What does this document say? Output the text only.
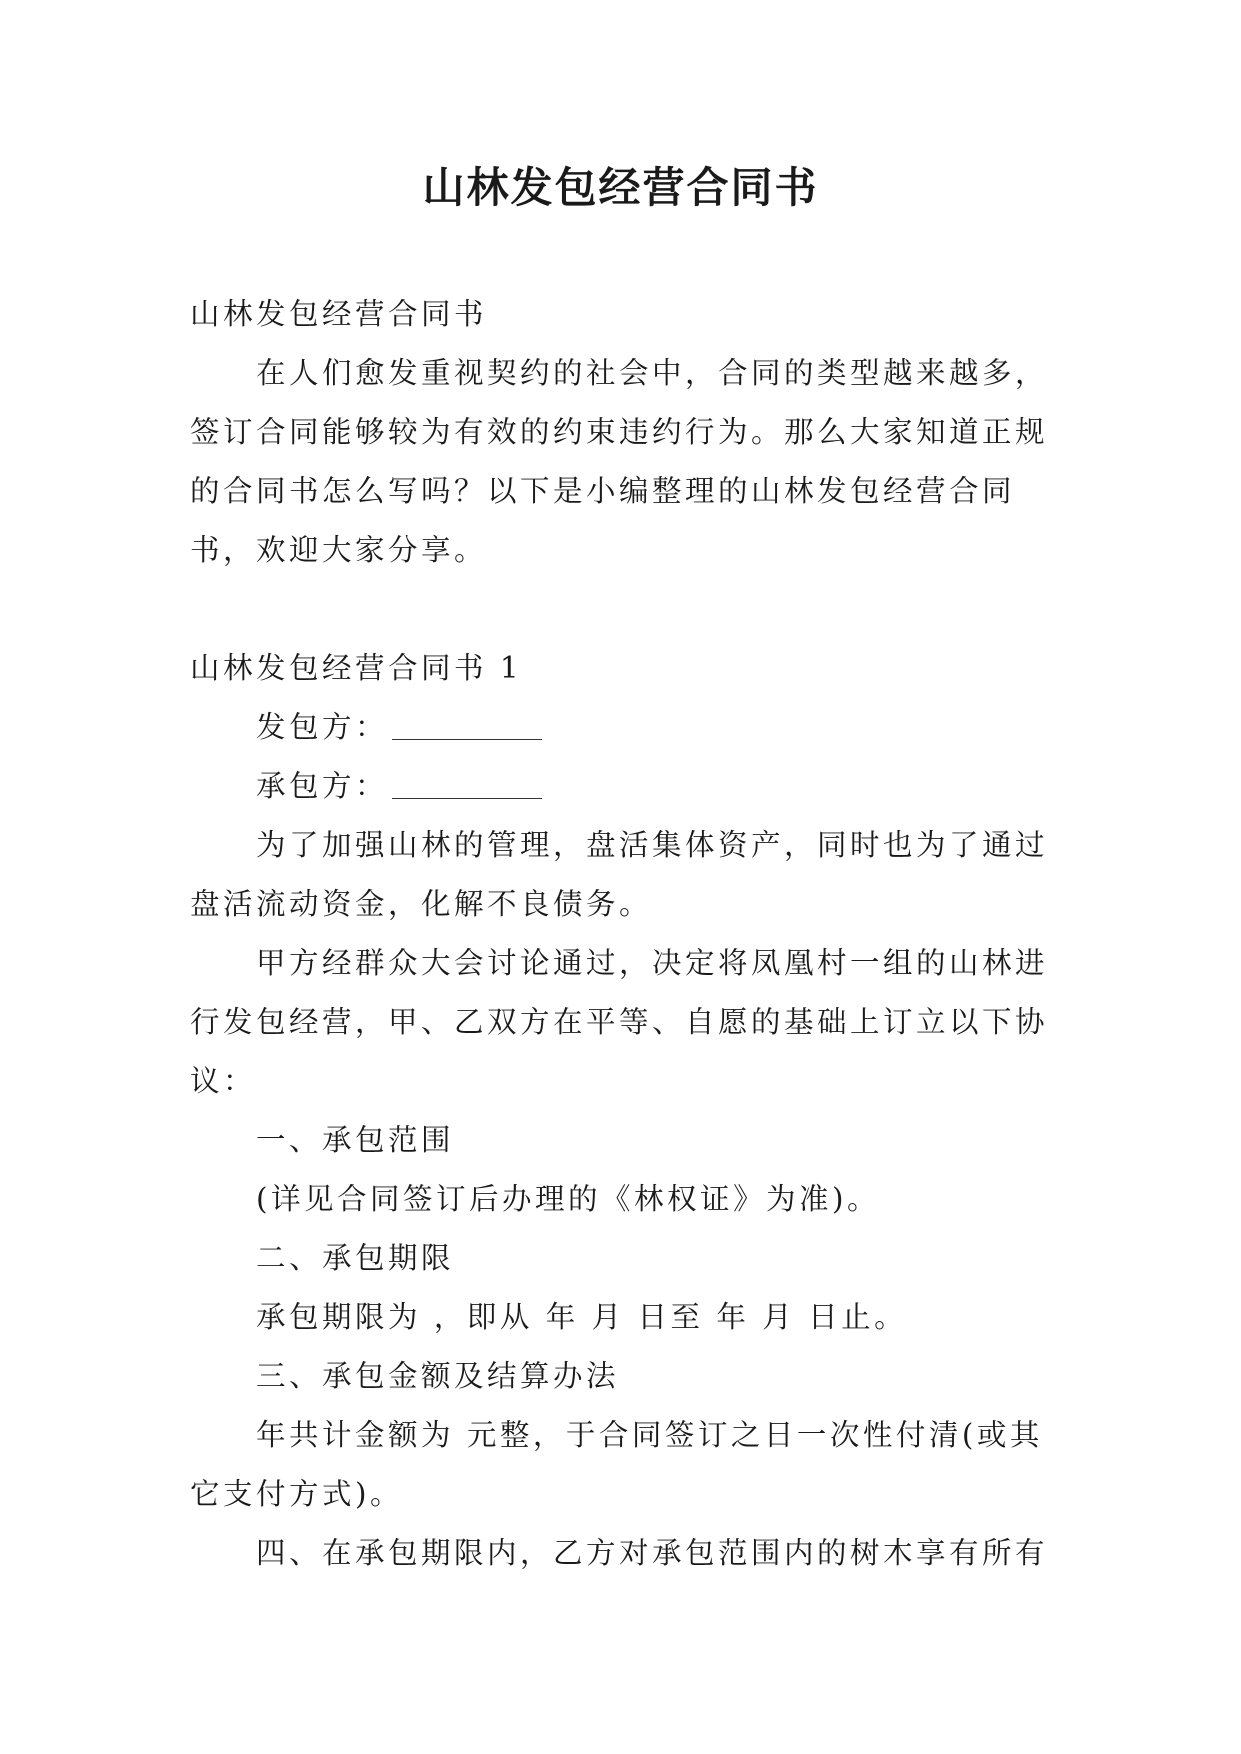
山林发包经营合同书

山林发包经营合同书

在人们愈发重视契约的社会中，合同的类型越来越多，签订合同能够较为有效的约束违约行为。那么大家知道正规的合同书怎么写吗？以下是小编整理的山林发包经营合同书，欢迎大家分享。

山林发包经营合同书 1

发包方：

承包方：

为了加强山林的管理，盘活集体资产，同时也为了通过盘活流动资金，化解不良债务。

甲方经群众大会讨论通过，决定将凤凰村一组的山林进行发包经营，甲、乙双方在平等、自愿的基础上订立以下协议：

一、承包范围

(详见合同签订后办理的《林权证》为准)。

二、承包期限

承包期限为 ，即从 年 月 日至 年 月 日止。

三、承包金额及结算办法

年共计金额为 元整，于合同签订之日一次性付清(或其它支付方式)。

四、在承包期限内，乙方对承包范围内的树木享有所有
